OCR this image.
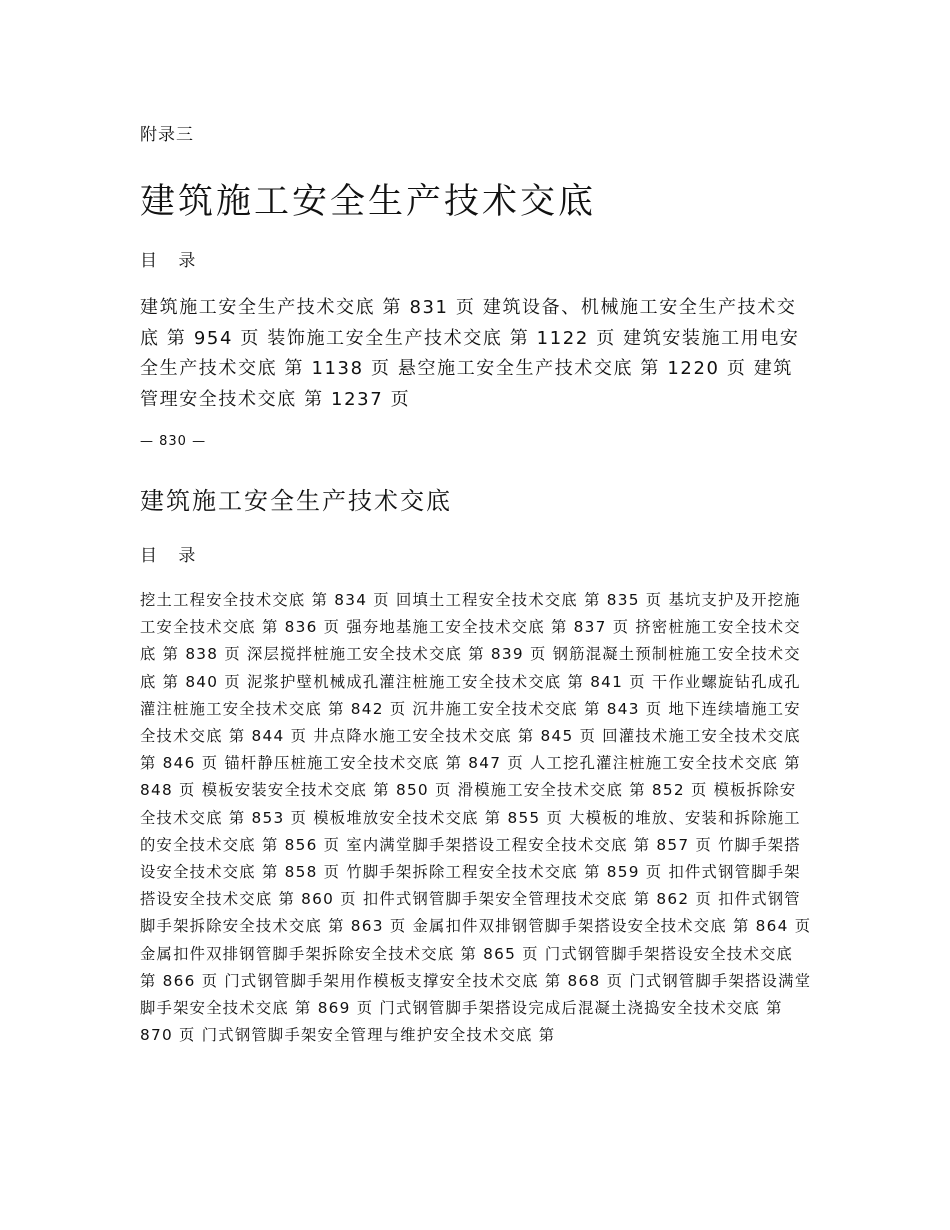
附录三
建筑施工安全生产技术交底
目 录

建筑施工安全生产技术交底 第 831 页 建筑设备、机械施工安全生产技术交底 第 954 页 装饰施工安全生产技术交底 第 1122 页 建筑安装施工用电安全生产技术交底 第 1138 页 悬空施工安全生产技术交底 第 1220 页 建筑管理安全技术交底 第 1237 页

— 830 —
建筑施工安全生产技术交底
目 录

挖土工程安全技术交底 第 834 页 回填土工程安全技术交底 第 835 页 基坑支护及开挖施工安全技术交底 第 836 页 强夯地基施工安全技术交底 第 837 页 挤密桩施工安全技术交底 第 838 页 深层搅拌桩施工安全技术交底 第 839 页 钢筋混凝土预制桩施工安全技术交底 第 840 页 泥浆护壁机械成孔灌注桩施工安全技术交底 第 841 页 干作业螺旋钻孔成孔灌注桩施工安全技术交底 第 842 页 沉井施工安全技术交底 第 843 页 地下连续墙施工安全技术交底 第 844 页 井点降水施工安全技术交底 第 845 页 回灌技术施工安全技术交底 第 846 页 锚杆静压桩施工安全技术交底 第 847 页 人工挖孔灌注桩施工安全技术交底 第 848 页 模板安装安全技术交底 第 850 页 滑模施工安全技术交底 第 852 页 模板拆除安全技术交底 第 853 页 模板堆放安全技术交底 第 855 页 大模板的堆放、安装和拆除施工的安全技术交底 第 856 页 室内满堂脚手架搭设工程安全技术交底 第 857 页 竹脚手架搭设安全技术交底 第 858 页 竹脚手架拆除工程安全技术交底 第 859 页 扣件式钢管脚手架搭设安全技术交底 第 860 页 扣件式钢管脚手架安全管理技术交底 第 862 页 扣件式钢管脚手架拆除安全技术交底 第 863 页 金属扣件双排钢管脚手架搭设安全技术交底 第 864 页 金属扣件双排钢管脚手架拆除安全技术交底 第 865 页 门式钢管脚手架搭设安全技术交底 第 866 页 门式钢管脚手架用作模板支撑安全技术交底 第 868 页 门式钢管脚手架搭设满堂脚手架安全技术交底 第 869 页 门式钢管脚手架搭设完成后混凝土浇捣安全技术交底 第 870 页 门式钢管脚手架安全管理与维护安全技术交底 第
